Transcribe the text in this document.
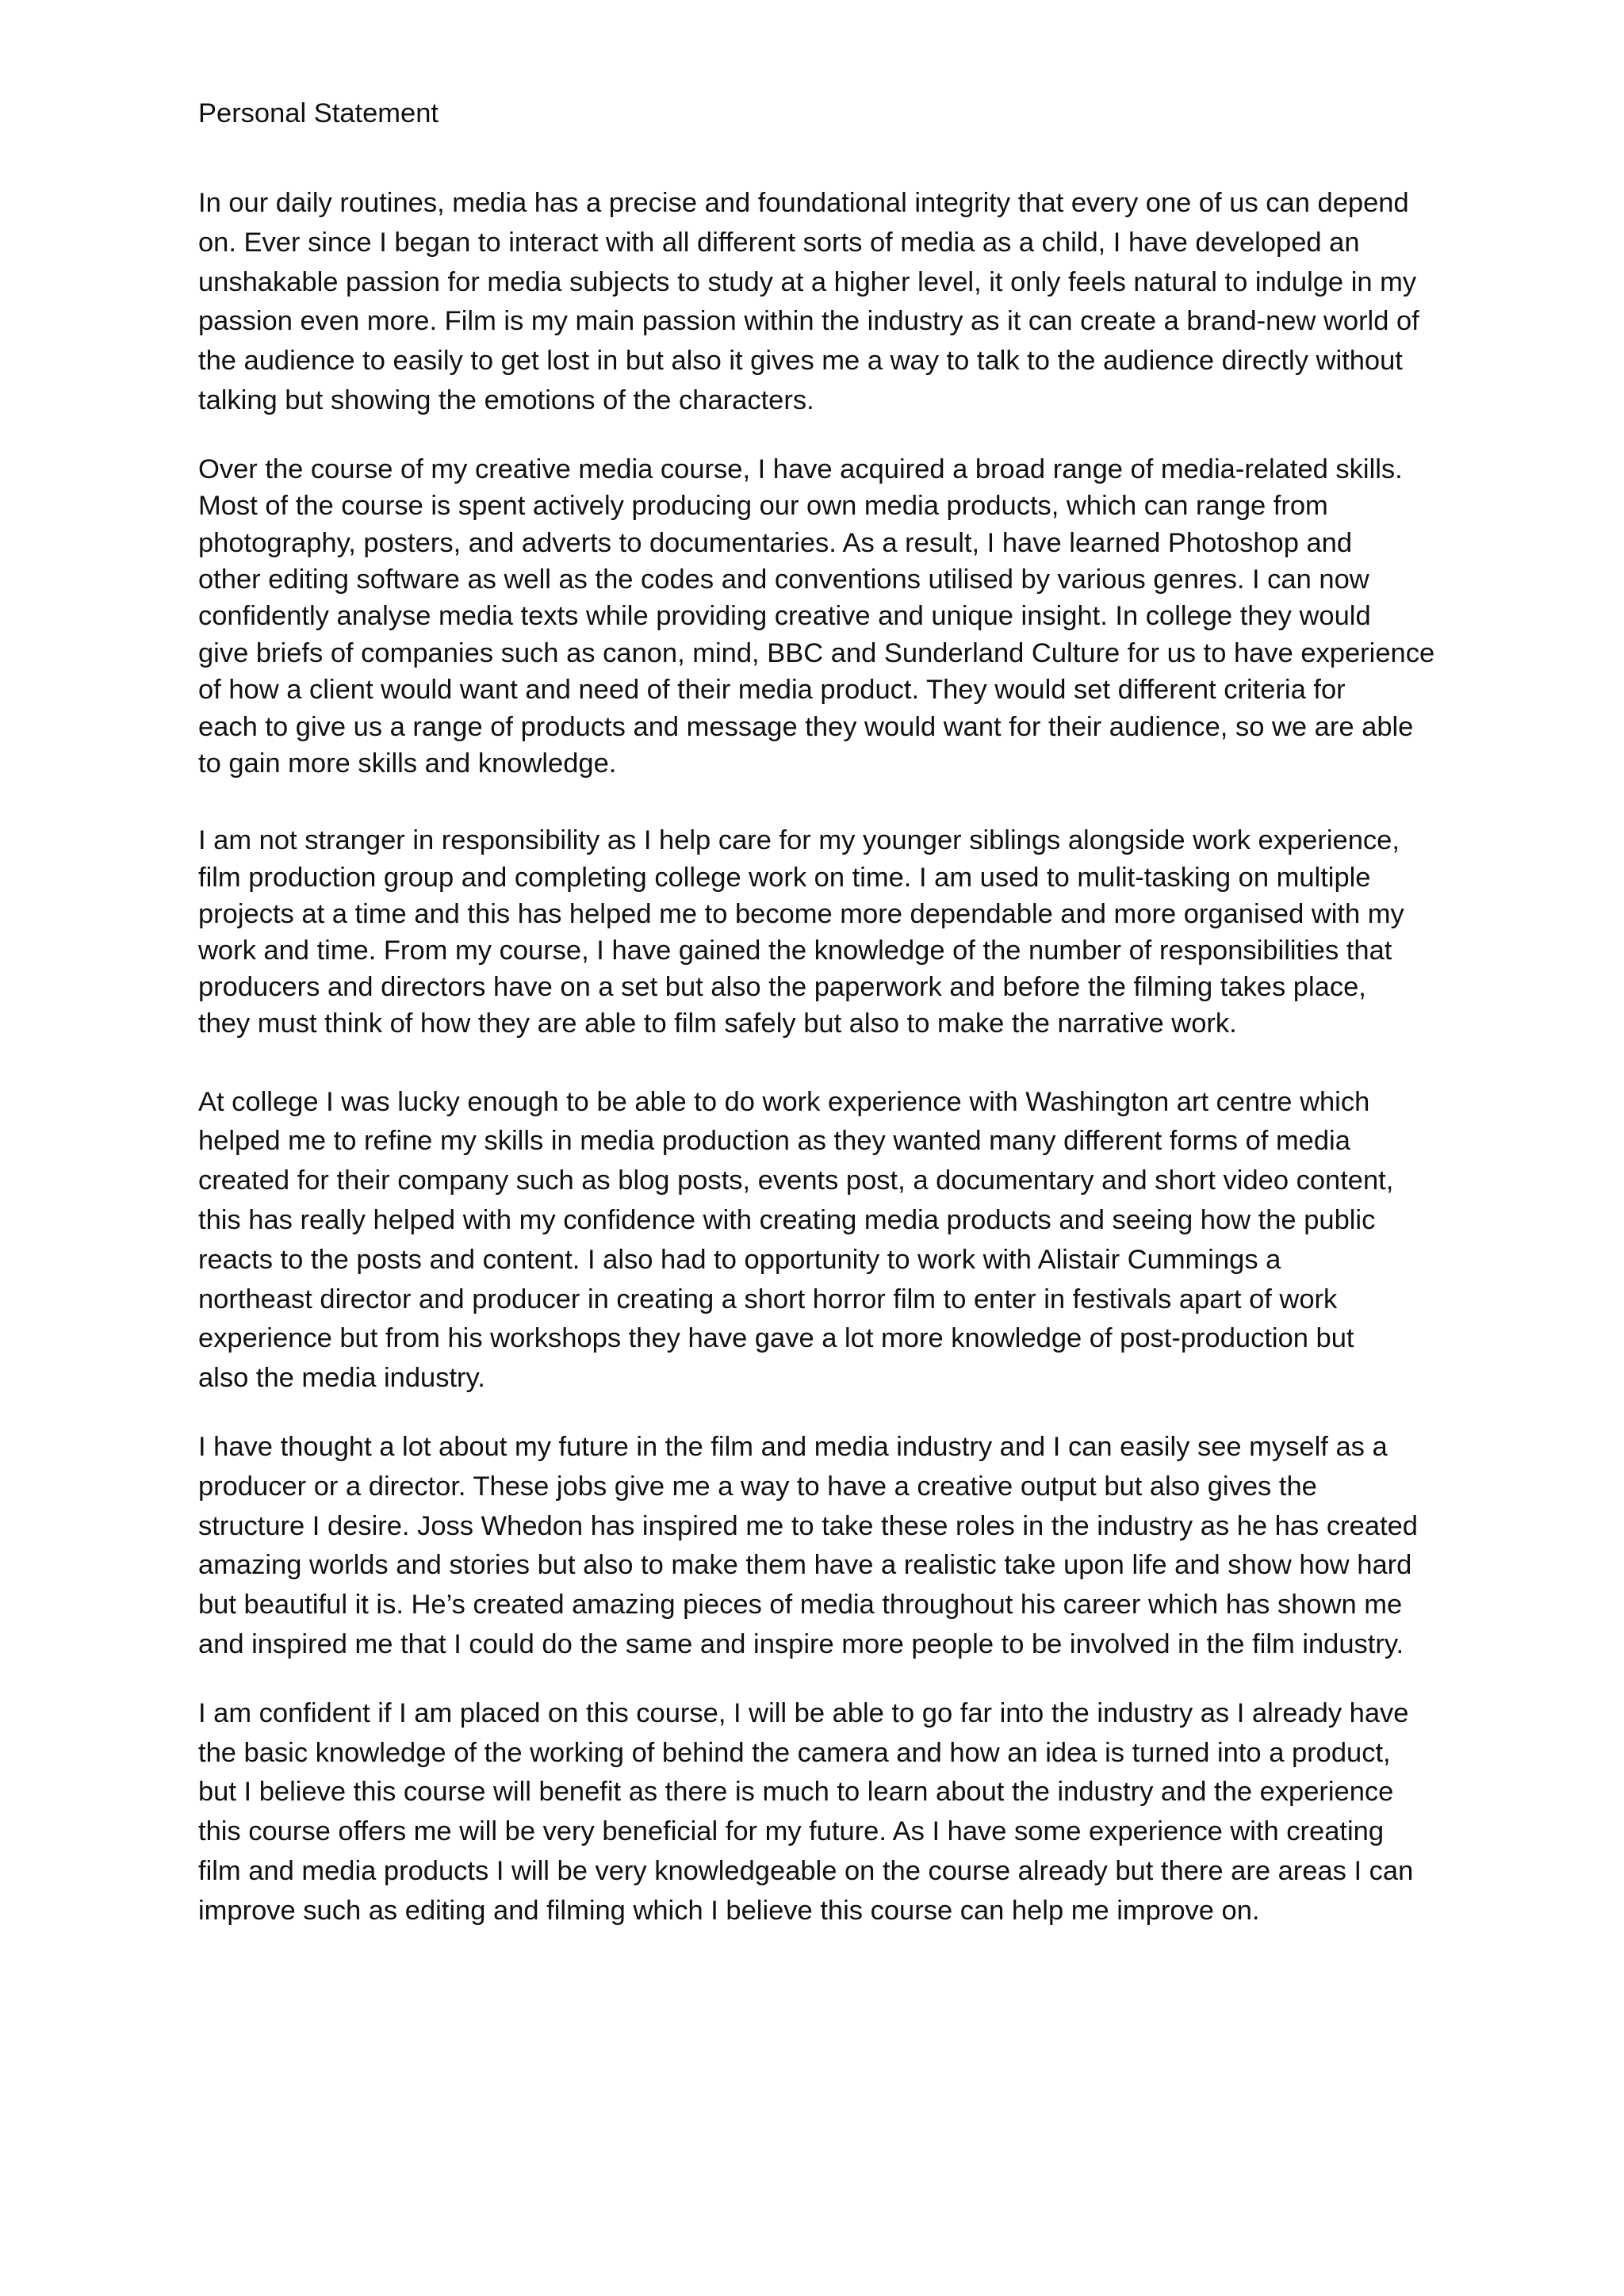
Personal Statement

In our daily routines, media has a precise and foundational integrity that every one of us can depend
on. Ever since I began to interact with all different sorts of media as a child, I have developed an
unshakable passion for media subjects to study at a higher level, it only feels natural to indulge in my
passion even more. Film is my main passion within the industry as it can create a brand-new world of
the audience to easily to get lost in but also it gives me a way to talk to the audience directly without
talking but showing the emotions of the characters.

Over the course of my creative media course, I have acquired a broad range of media-related skills.
Most of the course is spent actively producing our own media products, which can range from
photography, posters, and adverts to documentaries. As a result, I have learned Photoshop and
other editing software as well as the codes and conventions utilised by various genres. I can now
confidently analyse media texts while providing creative and unique insight. In college they would
give briefs of companies such as canon, mind, BBC and Sunderland Culture for us to have experience
of how a client would want and need of their media product. They would set different criteria for
each to give us a range of products and message they would want for their audience, so we are able
to gain more skills and knowledge.

I am not stranger in responsibility as I help care for my younger siblings alongside work experience,
film production group and completing college work on time. I am used to mulit-tasking on multiple
projects at a time and this has helped me to become more dependable and more organised with my
work and time. From my course, I have gained the knowledge of the number of responsibilities that
producers and directors have on a set but also the paperwork and before the filming takes place,
they must think of how they are able to film safely but also to make the narrative work.

At college I was lucky enough to be able to do work experience with Washington art centre which
helped me to refine my skills in media production as they wanted many different forms of media
created for their company such as blog posts, events post, a documentary and short video content,
this has really helped with my confidence with creating media products and seeing how the public
reacts to the posts and content. I also had to opportunity to work with Alistair Cummings a
northeast director and producer in creating a short horror film to enter in festivals apart of work
experience but from his workshops they have gave a lot more knowledge of post-production but
also the media industry.

I have thought a lot about my future in the film and media industry and I can easily see myself as a
producer or a director. These jobs give me a way to have a creative output but also gives the
structure I desire. Joss Whedon has inspired me to take these roles in the industry as he has created
amazing worlds and stories but also to make them have a realistic take upon life and show how hard
but beautiful it is. He’s created amazing pieces of media throughout his career which has shown me
and inspired me that I could do the same and inspire more people to be involved in the film industry.

I am confident if I am placed on this course, I will be able to go far into the industry as I already have
the basic knowledge of the working of behind the camera and how an idea is turned into a product,
but I believe this course will benefit as there is much to learn about the industry and the experience
this course offers me will be very beneficial for my future. As I have some experience with creating
film and media products I will be very knowledgeable on the course already but there are areas I can
improve such as editing and filming which I believe this course can help me improve on.
